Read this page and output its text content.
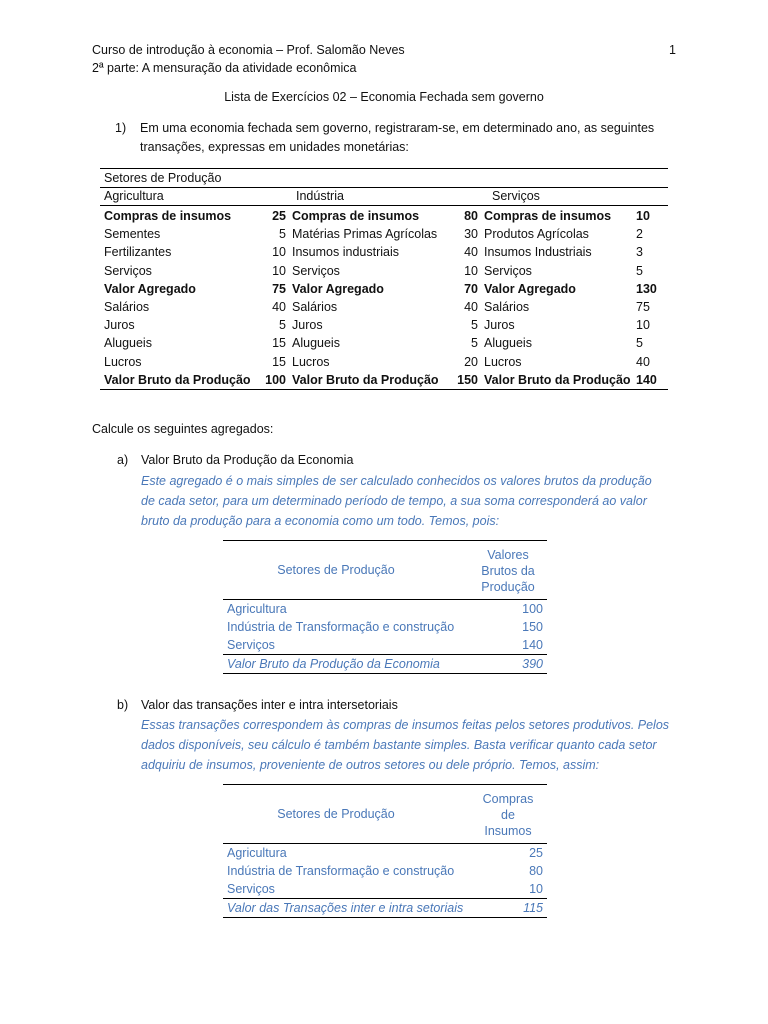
Curso de introdução à economia – Prof. Salomão Neves
2ª parte: A mensuração da atividade econômica
1
Lista de Exercícios 02 – Economia Fechada sem governo
1) Em uma economia fechada sem governo, registraram-se, em determinado ano, as seguintes transações, expressas em unidades monetárias:
Setores de Produção
Agricultura	Indústria	Serviços
Compras de insumos	25 Compras de insumos	80 Compras de insumos	10
Sementes	5 Matérias Primas Agrícolas	30 Produtos Agrícolas	2
Fertilizantes	10 Insumos industriais	40 Insumos Industriais	3
Serviços	10 Serviços	10 Serviços	5
Valor Agregado	75 Valor Agregado	70 Valor Agregado	130
Salários	40 Salários	40 Salários	75
Juros	5 Juros	5 Juros	10
Alugueis	15 Alugueis	5 Alugueis	5
Lucros	15 Lucros	20 Lucros	40
Valor Bruto da Produção	100 Valor Bruto da Produção	150 Valor Bruto da Produção 140
Calcule os seguintes agregados:
a) Valor Bruto da Produção da Economia
Este agregado é o mais simples de ser calculado conhecidos os valores brutos da produção
de cada setor, para um determinado período de tempo, a sua soma corresponderá ao valor
bruto da produção para a economia como um todo. Temos, pois:
Setores de Produção
Valores
Brutos da
Produção
Agricultura	100
Indústria de Transformação e construção	150
Serviços	140
Valor Bruto da Produção da Economia	390
b) Valor das transações inter e intra intersetoriais
Essas transações correspondem às compras de insumos feitas pelos setores produtivos. Pelos
dados disponíveis, seu cálculo é também bastante simples. Basta verificar quanto cada setor
adquiriu de insumos, proveniente de outros setores ou dele próprio. Temos, assim:
Setores de Produção
Compras
de
Insumos
Agricultura	25
Indústria de Transformação e construção	80
Serviços	10
Valor das Transações inter e intra setoriais	115
